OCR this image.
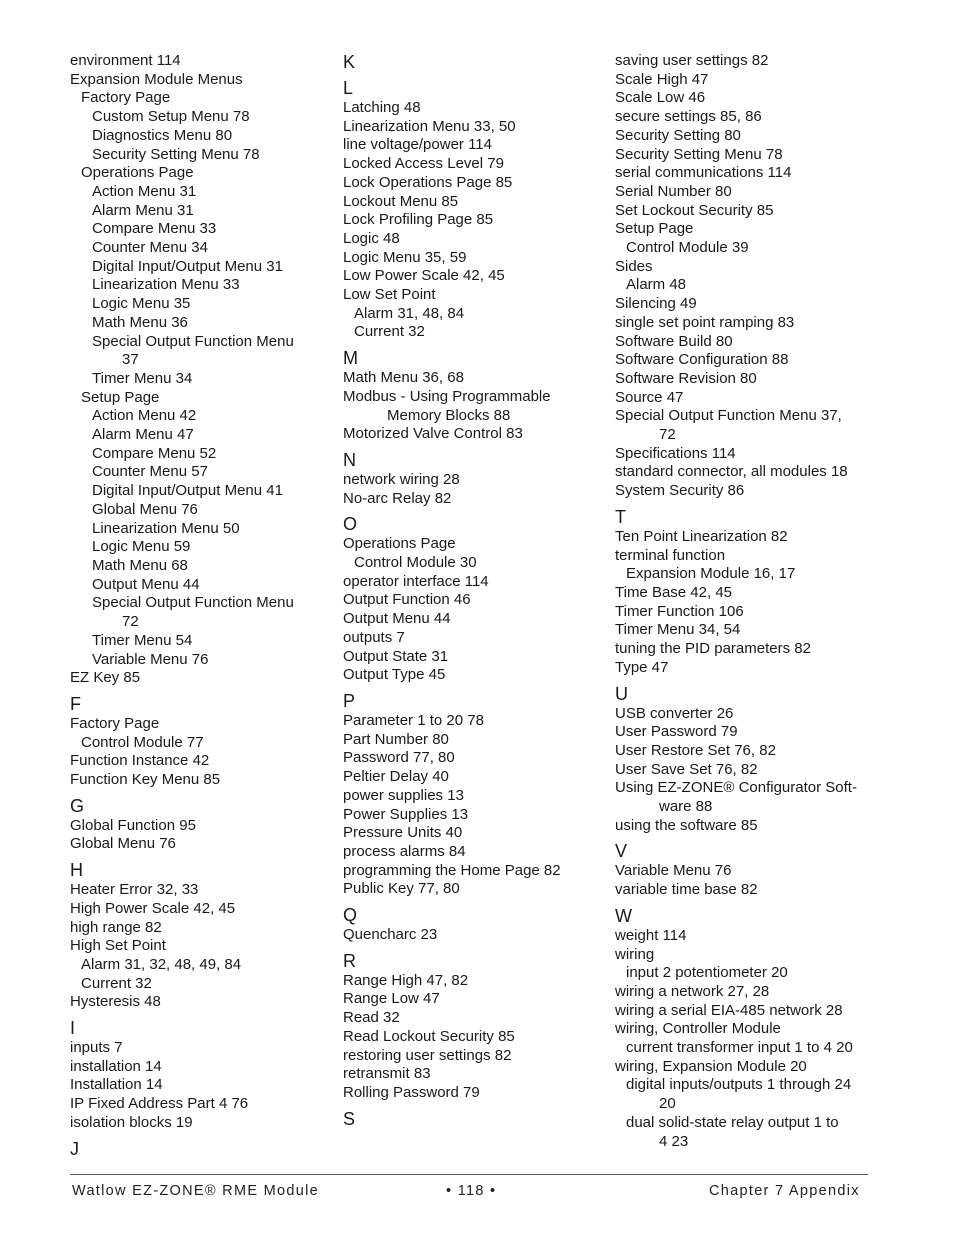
environment 114
Expansion Module Menus
Factory Page
Custom Setup Menu 78
Diagnostics Menu 80
Security Setting Menu 78
Operations Page
Action Menu 31
Alarm Menu 31
Compare Menu 33
Counter Menu 34
Digital Input/Output Menu 31
Linearization Menu 33
Logic Menu 35
Math Menu 36
Special Output Function Menu
37
Timer Menu 34
Setup Page
Action Menu 42
Alarm Menu 47
Compare Menu 52
Counter Menu 57
Digital Input/Output Menu 41
Global Menu 76
Linearization Menu 50
Logic Menu 59
Math Menu 68
Output Menu 44
Special Output Function Menu
72
Timer Menu 54
Variable Menu 76
EZ Key 85
F
Factory Page
Control Module 77
Function Instance 42
Function Key Menu 85
G
Global Function 95
Global Menu 76
H
Heater Error 32, 33
High Power Scale 42, 45
high range 82
High Set Point
Alarm 31, 32, 48, 49, 84
Current 32
Hysteresis 48
I
inputs 7
installation 14
Installation 14
IP Fixed Address Part 4 76
isolation blocks 19
J
K
L
Latching 48
Linearization Menu 33, 50
line voltage/power 114
Locked Access Level 79
Lock Operations Page 85
Lockout Menu 85
Lock Profiling Page 85
Logic 48
Logic Menu 35, 59
Low Power Scale 42, 45
Low Set Point
Alarm 31, 48, 84
Current 32
M
Math Menu 36, 68
Modbus - Using Programmable
Memory Blocks 88
Motorized Valve Control 83
N
network wiring 28
No-arc Relay 82
O
Operations Page
Control Module 30
operator interface 114
Output Function 46
Output Menu 44
outputs 7
Output State 31
Output Type 45
P
Parameter 1 to 20 78
Part Number 80
Password 77, 80
Peltier Delay 40
power supplies 13
Power Supplies 13
Pressure Units 40
process alarms 84
programming the Home Page 82
Public Key 77, 80
Q
Quencharc 23
R
Range High 47, 82
Range Low 47
Read 32
Read Lockout Security 85
restoring user settings 82
retransmit 83
Rolling Password 79
S
saving user settings 82
Scale High 47
Scale Low 46
secure settings 85, 86
Security Setting 80
Security Setting Menu 78
serial communications 114
Serial Number 80
Set Lockout Security 85
Setup Page
Control Module 39
Sides
Alarm 48
Silencing 49
single set point ramping 83
Software Build 80
Software Configuration 88
Software Revision 80
Source 47
Special Output Function Menu 37,
72
Specifications 114
standard connector, all modules 18
System Security 86
T
Ten Point Linearization 82
terminal function
Expansion Module 16, 17
Time Base 42, 45
Timer Function 106
Timer Menu 34, 54
tuning the PID parameters 82
Type 47
U
USB converter 26
User Password 79
User Restore Set 76, 82
User Save Set 76, 82
Using EZ-ZONE® Configurator Soft-
ware 88
using the software 85
V
Variable Menu 76
variable time base 82
W
weight 114
wiring
input 2 potentiometer 20
wiring a network 27, 28
wiring a serial EIA-485 network 28
wiring, Controller Module
current transformer input 1 to 4 20
wiring, Expansion Module 20
digital inputs/outputs 1 through 24
20
dual solid-state relay output 1 to
4 23
Watlow EZ-ZONE® RME Module	• 118 •	Chapter 7 Appendix
